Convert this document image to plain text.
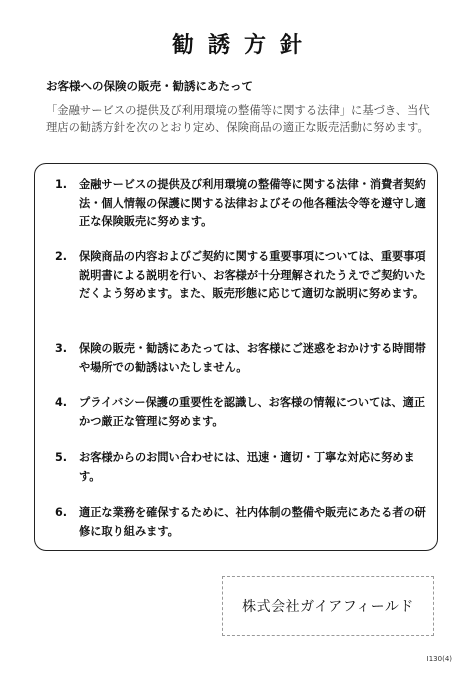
勧誘方針
お客様への保険の販売・勧誘にあたって
「金融サービスの提供及び利用環境の整備等に関する法律」に基づき、当代理店の勧誘方針を次のとおり定め、保険商品の適正な販売活動に努めます。
1.	金融サービスの提供及び利用環境の整備等に関する法律・消費者契約法・個人情報の保護に関する法律およびその他各種法令等を遵守し適正な保険販売に努めます。
2.	保険商品の内容およびご契約に関する重要事項については、重要事項説明書による説明を行い、お客様が十分理解されたうえでご契約いただくよう努めます。また、販売形態に応じて適切な説明に努めます。
3.	保険の販売・勧誘にあたっては、お客様にご迷惑をおかけする時間帯や場所での勧誘はいたしません。
4.	プライバシー保護の重要性を認識し、お客様の情報については、適正かつ厳正な管理に努めます。
5.	お客様からのお問い合わせには、迅速・適切・丁寧な対応に努めます。
6.	適正な業務を確保するために、社内体制の整備や販売にあたる者の研修に取り組みます。
株式会社ガイアフィールド
I130(4)
